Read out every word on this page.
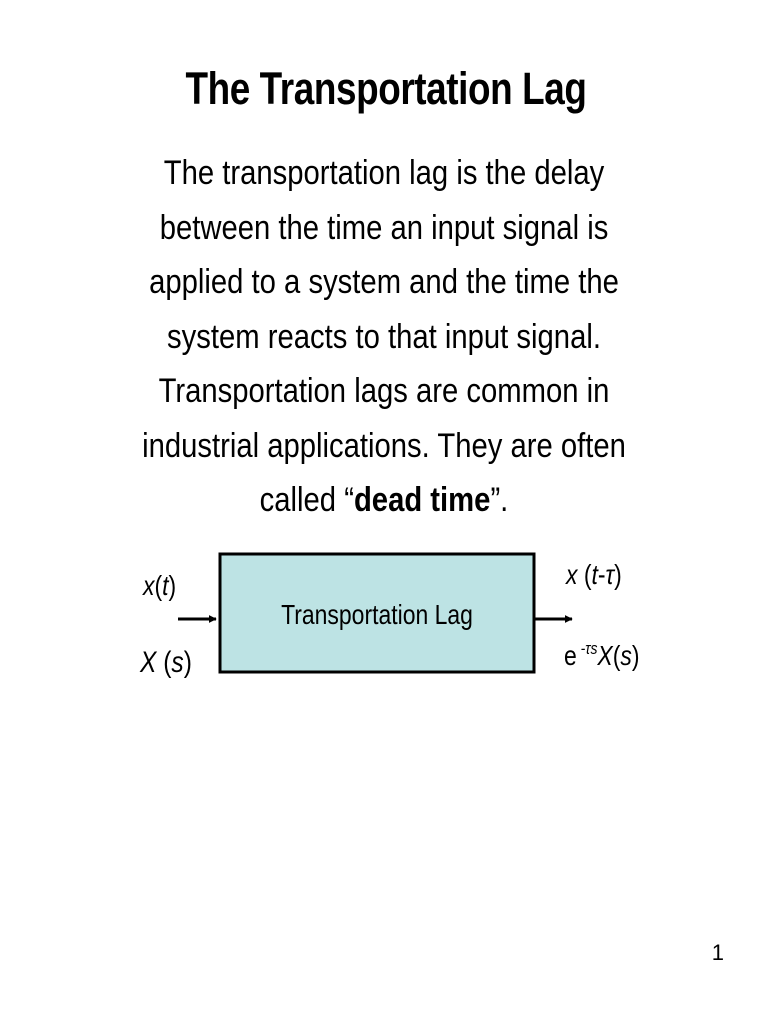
The Transportation Lag

The transportation lag is the delay between the time an input signal is applied to a system and the time the system reacts to that input signal. Transportation lags are common in industrial applications. They are often called “dead time”.

Transportation Lag
x(t)
X (s)
x (t-τ)
e $^{-\tau s}$X(s)

1
